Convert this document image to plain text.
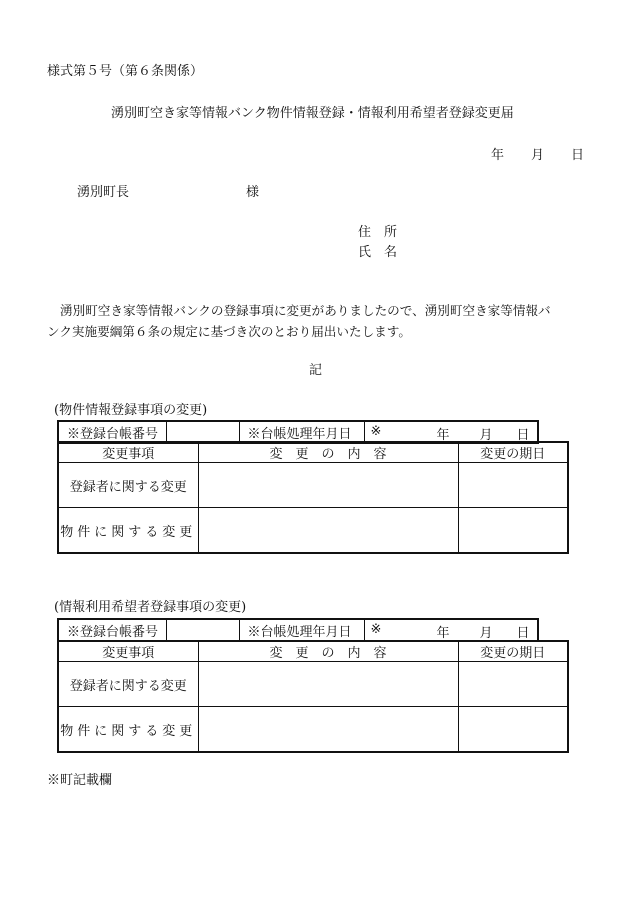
様式第５号（第６条関係）
湧別町空き家等情報バンク物件情報登録・情報利用希望者登録変更届
年 月 日
湧別町長	様
住　所
氏　名
湧別町空き家等情報バンクの登録事項に変更がありましたので、湧別町空き家等情報バ
ンク実施要綱第６条の規定に基づき次のとおり届出いたします。
記
(物件情報登録事項の変更)
※登録台帳番号		※台帳処理年月日	※	年 月 日
変更事項	変　更　の　内　容	変更の期日
登録者に関する変更		
物件に関する変更		
(情報利用希望者登録事項の変更)
※登録台帳番号		※台帳処理年月日	※	年 月 日
変更事項	変　更　の　内　容	変更の期日
登録者に関する変更		
物件に関する変更		
※町記載欄
